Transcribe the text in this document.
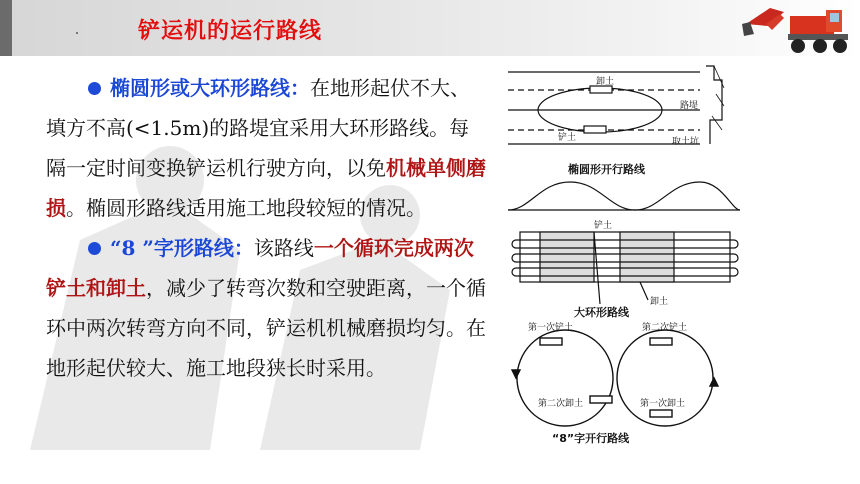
铲运机的运行路线

椭圆形或大环形路线：在地形起伏不大、填方不高(<1.5m)的路堤宜采用大环形路线。每隔一定时间变换铲运机行驶方向，以免机械单侧磨损。椭圆形路线适用施工地段较短的情况。

“8 ”字形路线：该路线一个循环完成两次铲土和卸土，减少了转弯次数和空驶距离，一个循环中两次转弯方向不同，铲运机机械磨损均匀。在地形起伏较大、施工地段狭长时采用。

卸土
铲土
路堤
取土坑
椭圆形开行路线
铲土
卸土
大环形路线
第一次铲土	第二次铲土
第二次卸土	第一次卸土
“8”字开行路线
